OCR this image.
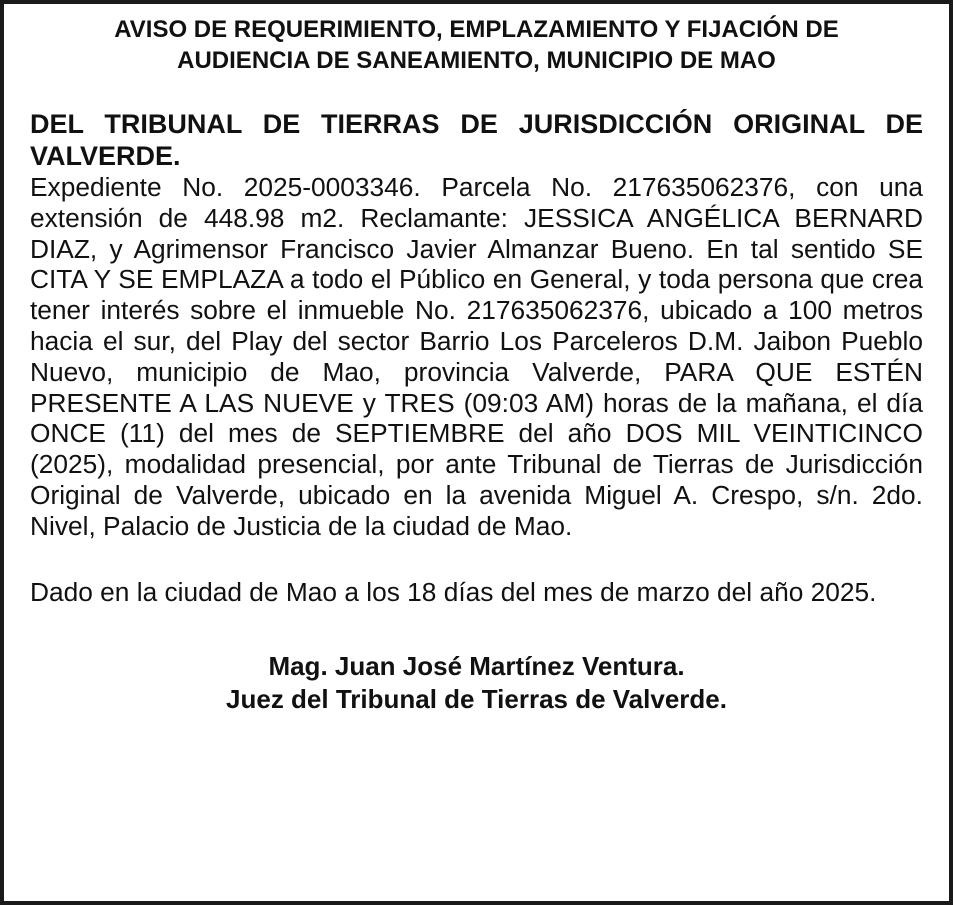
AVISO DE REQUERIMIENTO, EMPLAZAMIENTO Y FIJACIÓN DE
AUDIENCIA DE SANEAMIENTO, MUNICIPIO DE MAO

DEL TRIBUNAL DE TIERRAS DE JURISDICCIÓN ORIGINAL DE VALVERDE.

Expediente No. 2025-0003346. Parcela No. 217635062376, con una extensión de 448.98 m2. Reclamante: JESSICA ANGÉLICA BERNARD DIAZ, y Agrimensor Francisco Javier Almanzar Bueno. En tal sentido SE CITA Y SE EMPLAZA a todo el Público en General, y toda persona que crea tener interés sobre el inmueble No. 217635062376, ubicado a 100 metros hacia el sur, del Play del sector Barrio Los Parceleros D.M. Jaibon Pueblo Nuevo, municipio de Mao, provincia Valverde, PARA QUE ESTÉN PRESENTE A LAS NUEVE y TRES (09:03 AM) horas de la mañana, el día ONCE (11) del mes de SEPTIEMBRE del año DOS MIL VEINTICINCO (2025), modalidad presencial, por ante Tribunal de Tierras de Jurisdicción Original de Valverde, ubicado en la avenida Miguel A. Crespo, s/n. 2do. Nivel, Palacio de Justicia de la ciudad de Mao.

Dado en la ciudad de Mao a los 18 días del mes de marzo del año 2025.

Mag. Juan José Martínez Ventura.
Juez del Tribunal de Tierras de Valverde.
